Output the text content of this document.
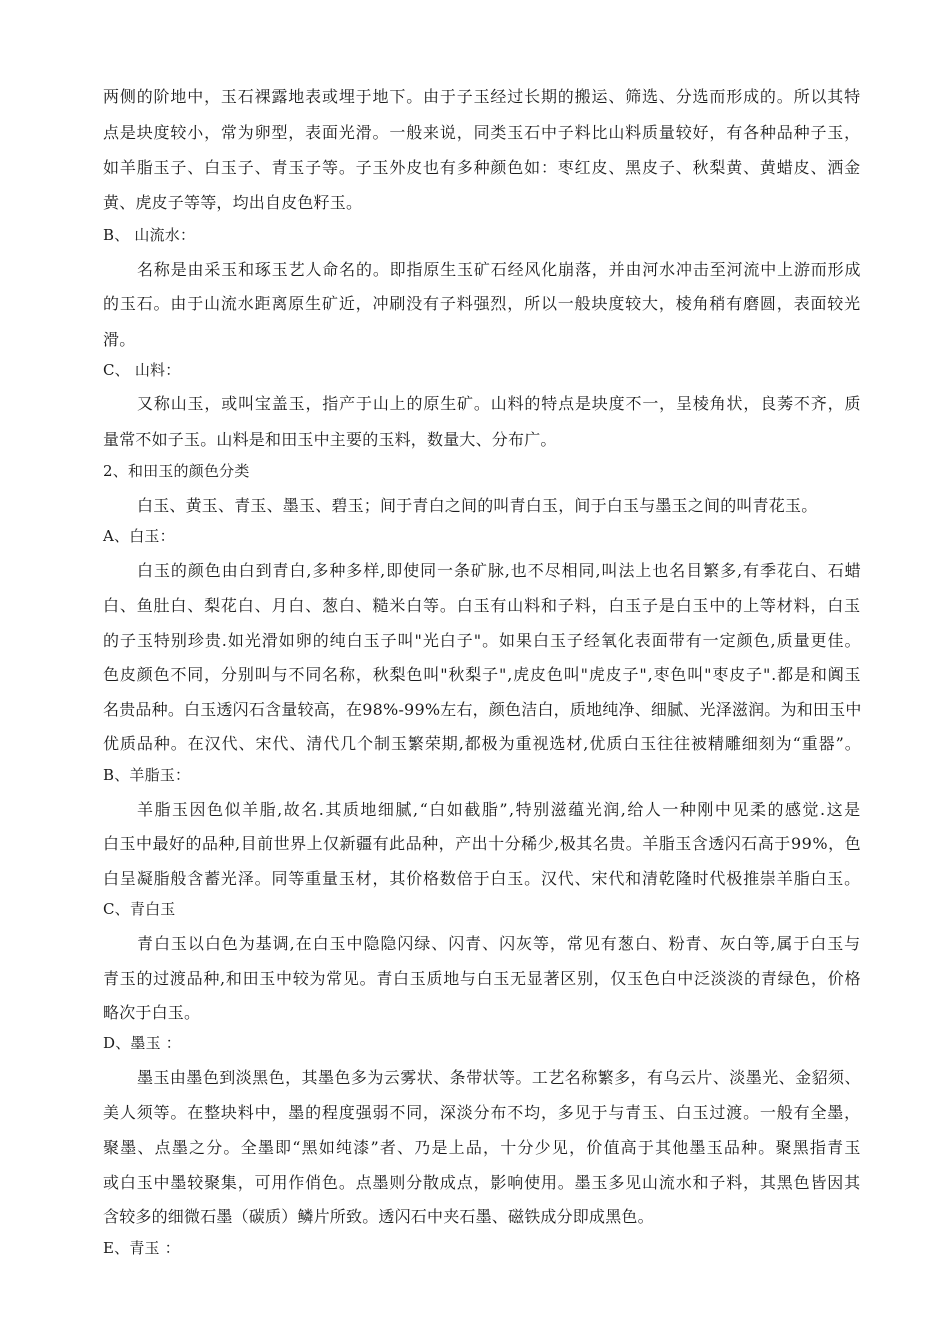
两 侧 的 阶 地 中 ， 玉 石 裸 露 地 表 或 埋 于 地 下 。 由 于 子 玉 经 过 长 期 的 搬 运 、 筛 选 、 分 选 而 形 成 的 。 所 以 其 特
点 是 块 度 较 小 ， 常 为 卵 型 ， 表 面 光 滑 。 一 般 来 说 ， 同 类 玉 石 中 子 料 比 山 料 质 量 较 好 ， 有 各 种 品 种 子 玉 ，
如 羊 脂 玉 子 、 白 玉 子 、 青 玉 子 等 。 子 玉 外 皮 也 有 多 种 颜 色 如 ： 枣 红 皮 、 黑 皮 子 、 秋 梨 黄 、 黄 蜡 皮 、 洒 金
黄、虎皮子等等，均出自皮色籽玉。
B、 山流水：
名 称 是 由 采 玉 和 琢 玉 艺 人 命 名 的 。 即 指 原 生 玉 矿 石 经 风 化 崩 落 ， 并 由 河 水 冲 击 至 河 流 中 上 游 而 形 成
的 玉 石 。 由 于 山 流 水 距 离 原 生 矿 近 ， 冲 刷 没 有 子 料 强 烈 ， 所 以 一 般 块 度 较 大 ， 棱 角 稍 有 磨 圆 ， 表 面 较 光
滑。
C、 山料：
又 称 山 玉 ， 或 叫 宝 盖 玉 ， 指 产 于 山 上 的 原 生 矿 。 山 料 的 特 点 是 块 度 不 一 ， 呈 棱 角 状 ， 良 莠 不 齐 ， 质
量常不如子玉。山料是和田玉中主要的玉料，数量大、分布广。
2、和田玉的颜色分类
白玉、黄玉、青玉、墨玉、碧玉；间于青白之间的叫青白玉，间于白玉与墨玉之间的叫青花玉。
A、白玉：
白 玉 的 颜 色 由 白 到 青 白 , 多 种 多 样 , 即 使 同 一 条 矿 脉 , 也 不 尽 相 同 , 叫 法 上 也 名 目 繁 多 , 有 季 花 白 、 石 蜡
白 、 鱼 肚 白 、 梨 花 白 、 月 白 、 葱 白 、 糙 米 白 等 。 白 玉 有 山 料 和 子 料 ， 白 玉 子 是 白 玉 中 的 上 等 材 料 ， 白 玉
的 子 玉 特 别 珍 贵 . 如 光 滑 如 卵 的 纯 白 玉 子 叫 " 光 白 子 " 。 如 果 白 玉 子 经 氧 化 表 面 带 有 一 定 颜 色 , 质 量 更 佳 。
色 皮 颜 色 不 同 ， 分 别 叫 与 不 同 名 称 ， 秋 梨 色 叫 " 秋 梨 子 " , 虎 皮 色 叫 " 虎 皮 子 " , 枣 色 叫 " 枣 皮 子 " . 都 是 和 阗 玉
名 贵 品 种 。 白 玉 透 闪 石 含 量 较 高 ， 在 9 8 % - 9 9 % 左 右 ， 颜 色 洁 白 ， 质 地 纯 净 、 细 腻 、 光 泽 滋 润 。 为 和 田 玉 中
优 质 品 种 。 在 汉 代 、 宋 代 、 清 代 几 个 制 玉 繁 荣 期 , 都 极 为 重 视 选 材 , 优 质 白 玉 往 往 被 精 雕 细 刻 为 “ 重 器 ” 。
B、羊脂玉：
羊 脂 玉 因 色 似 羊 脂 , 故 名 . 其 质 地 细 腻 , “ 白 如 截 脂 ” , 特 别 滋 蕴 光 润 , 给 人 一 种 刚 中 见 柔 的 感 觉 . 这 是
白 玉 中 最 好 的 品 种 , 目 前 世 界 上 仅 新 疆 有 此 品 种 ， 产 出 十 分 稀 少 , 极 其 名 贵 。 羊 脂 玉 含 透 闪 石 高 于 9 9 % ， 色
白 呈 凝 脂 般 含 蓄 光 泽 。 同 等 重 量 玉 材 ， 其 价 格 数 倍 于 白 玉 。 汉 代 、 宋 代 和 清 乾 隆 时 代 极 推 崇 羊 脂 白 玉 。
C、青白玉
青 白 玉 以 白 色 为 基 调 , 在 白 玉 中 隐 隐 闪 绿 、 闪 青 、 闪 灰 等 ， 常 见 有 葱 白 、 粉 青 、 灰 白 等 , 属 于 白 玉 与
青 玉 的 过 渡 品 种 , 和 田 玉 中 较 为 常 见 。 青 白 玉 质 地 与 白 玉 无 显 著 区 别 ， 仅 玉 色 白 中 泛 淡 淡 的 青 绿 色 ， 价 格
略次于白玉。
D、墨玉 ：
墨 玉 由 墨 色 到 淡 黑 色 ， 其 墨 色 多 为 云 雾 状 、 条 带 状 等 。 工 艺 名 称 繁 多 ， 有 乌 云 片 、 淡 墨 光 、 金 貂 须 、
美 人 须 等 。 在 整 块 料 中 ， 墨 的 程 度 强 弱 不 同 ， 深 淡 分 布 不 均 ， 多 见 于 与 青 玉 、 白 玉 过 渡 。 一 般 有 全 墨 ，
聚 墨 、 点 墨 之 分 。 全 墨 即 “ 黑 如 纯 漆 ” 者 、 乃 是 上 品 ， 十 分 少 见 ， 价 值 高 于 其 他 墨 玉 品 种 。 聚 黑 指 青 玉
或 白 玉 中 墨 较 聚 集 ， 可 用 作 俏 色 。 点 墨 则 分 散 成 点 ， 影 响 使 用 。 墨 玉 多 见 山 流 水 和 子 料 ， 其 黑 色 皆 因 其
含较多的细微石墨（碳质）鳞片所致。透闪石中夹石墨、磁铁成分即成黑色。
E、青玉 ：
